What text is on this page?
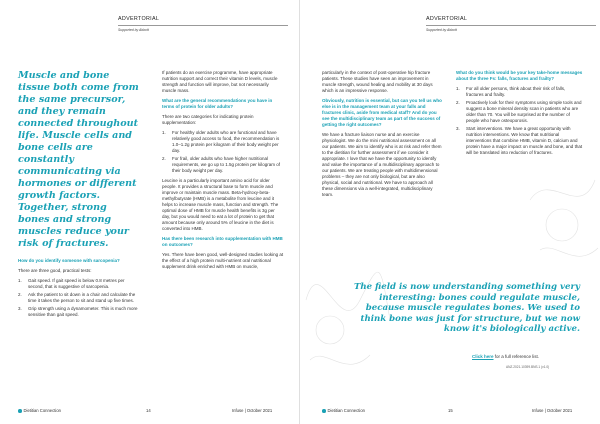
ADVERTORIAL
Supported by Abbott
Muscle and bone tissue both come from the same precursor, and they remain connected throughout life. Muscle cells and bone cells are constantly communicating via hormones or different growth factors. Together, strong bones and strong muscles reduce your risk of fractures.
How do you identify someone with sarcopenia?

There are three good, practical tests:

1.	Gait speed. If gait speed is below 0.8 metres per second, that is suggestive of sarcopenia.
2.	Ask the patient to sit down in a chair and calculate the time it takes the person to sit and stand up five times.
3.	Grip strength using a dynamometer. This is much more sensitive than gait speed.

If patients do an exercise programme, have appropriate nutrition support and correct their vitamin D levels, muscle strength and function will improve, but not necessarily muscle mass.

What are the general recommendations you have in terms of protein for older adults?

There are two categories for indicating protein supplementation:

1.	For healthy older adults who are functional and have relatively good access to food, the recommendation is 1.0–1.2g protein per kilogram of their body weight per day.
2.	For frail, older adults who have higher nutritional requirements, we go up to 1.5g protein per kilogram of their body weight per day.

Leucine is a particularly important amino acid for older people. It provides a structural base to form muscle and improve or maintain muscle mass. Beta-hydroxy-beta-methylbutyrate (HMB) is a metabolite from leucine and it helps to increase muscle mass, function and strength. The optimal dose of HMB for muscle health benefits is 3g per day, but you would need to eat a lot of protein to get that amount because only around 5% of leucine in the diet is converted into HMB.

Has there been research into supplementation with HMB on outcomes?

Yes. There have been good, well-designed studies looking at the effect of a high protein multi-nutrient oral nutritional supplement drink enriched with HMB on muscle,

Dietitian Connection	14	Infuse | October 2021
ADVERTORIAL
Supported by Abbott

particularly in the context of post-operative hip fracture patients. These studies have seen an improvement in muscle strength, wound healing and mobility at 30 days which is an impressive response.

Obviously, nutrition is essential, but can you tell us who else is in the management team at your falls and fractures clinic, aside from medical staff? And do you see the multidisciplinary team as part of the success of getting the right outcomes?

We have a fracture liaison nurse and an exercise physiologist. We do the mini nutritional assessment on all our patients. We aim to identify who is at risk and refer them to the dietitian for further assessment if we consider it appropriate. I love that we have the opportunity to identify and value the importance of a multidisciplinary approach to our patients. We are treating people with multidimensional problems – they are not only biological, but are also physical, social and nutritional. We have to approach all these dimensions via a well-integrated, multidisciplinary team.

What do you think would be your key take-home messages about the three Fs: falls, fractures and frailty?
1.	For all older persons, think about their risk of falls, fractures and frailty.
2.	Proactively look for their symptoms using simple tools and suggest a bone mineral density scan in patients who are older than 70. You will be surprised at the number of people who have osteoporosis.
3.	Start interventions. We have a great opportunity with nutrition interventions. We know that nutritional interventions that combine HMB, vitamin D, calcium and protein have a major impact on muscle and bone, and that will be translated into reduction of fractures.
Dietitian Connection	15	Infuse | October 2021
The field is now understanding something very interesting: bones could regulate muscle, because muscle regulates bones. We used to think bone was just for structure, but we now know it's biologically active.
Click here for a full reference list.
ANZ.2021.10399.BNS.1 (v1.0)
